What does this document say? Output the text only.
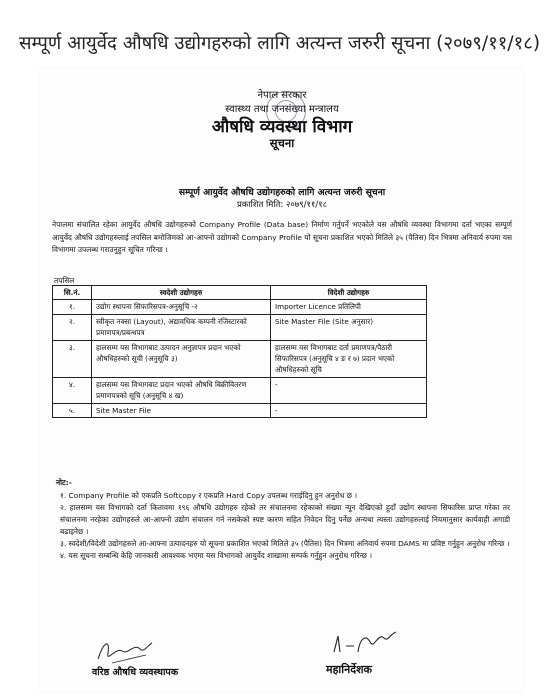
सम्पूर्ण आयुर्वेद औषधि उद्योगहरुको लागि अत्यन्त जरुरी सूचना (२०७९/११/१८)
नेपाल सरकार
स्वास्थ्य तथा जनसंख्या मन्त्रालय
औषधि व्यवस्था विभाग
सूचना
सम्पूर्ण आयुर्वेद औषधि उद्योगहरुको लागि अत्यन्त जरुरी सूचना
प्रकाशित मिति: २०७९/११/१८
नेपालमा संचालित रहेका आयुर्वेद औषधि उद्योगहरुको Company Profile (Data base) निर्माण गर्नुपर्ने भएकोले यस औषधि व्यवस्था विभागमा दर्ता भएका सम्पूर्ण आयुर्वेद औषधि उद्योगहरुलाई तपसिल बमोजिमको आ-आफ्नो उद्योगको Company Profile यो सूचना प्रकाशित भएको मितिले ३५ (पैतिस) दिन भित्रमा अनिवार्य रुपमा यस विभागमा उपलब्ध गराउनुहुन सूचित गरिन्छ ।
तपसिल
सि.नं.	स्वदेशी उद्योगहरु	विदेशी उद्योगहरु
१.	उद्योग स्थापना सिफारिसपत्र-अनुसूचि -२	Importer Licence प्रतिलिपी
२.	स्वीकृत नक्सा (Layout), अद्यावधिक कम्पनी रजिस्टारको प्रमाणपत्र/प्रबन्धपत्र	Site Master File (Site अनुसार)
३.	हालसम्म यस विभागबाट उत्पादन अनुज्ञापत्र प्रदान भएको औषधिहरुको सूची (अनुसूचि ३)	हालसम्म यस विभागबाट दर्ता प्रमाणपत्र/पैठारी सिफारिसपत्र (अनुसूचि ४ ङ र ७) प्रदान भएको औषधिहरुको सूचि
४.	हालसम्म यस विभागबाट प्रदान भएको औषधि बिक्रीवितरण प्रमाणपत्रको सूचि (अनुसूचि ४ ख)	-
५.	Site Master File	-
नोट:-
१. Company Profile को एकप्रति Softcopy र एकप्रति Hard Copy उपलब्ध गराईदिनु हुन अनुरोध छ ।
२. हालसम्म यस विभागको दर्ता कितावमा १९६ औषधि उद्योगहरु रहेको तर संचालनमा रहेकाको संख्या न्यून देखिएको हुदाँ उद्योग स्थापना सिफारिस प्राप्त गरेका तर संचालनमा नरहेका उद्योगहरुले आ-आफ्नो उद्योग संचालन गर्न नसकेको स्पष्ट कारण सहित निवेदन दिनु पर्नेछ अन्यथा त्यस्ता उद्योगहरुलाई नियमानुसार कार्यवाही अगाडी बढाइनेछ ।
३. स्वदेशी/विदेशी उद्योगहरुले आ-आफ्ना उत्पादनहरु यो सूचना प्रकाशित भएको मितिले ३५ (पैतिस) दिन भित्रमा अनिवार्य रुपमा DAMS मा प्रविष्ट गर्नुहुन अनुरोध गरिन्छ ।
४. यस सूचना सम्बन्धि केहि जानकारी आवश्यक भएमा यस विभागको आयुर्वेद शाखामा सम्पर्क गर्नुहुन अनुरोध गरिन्छ ।
वरिष्ठ औषधि व्यवस्थापक	महानिर्देशक
